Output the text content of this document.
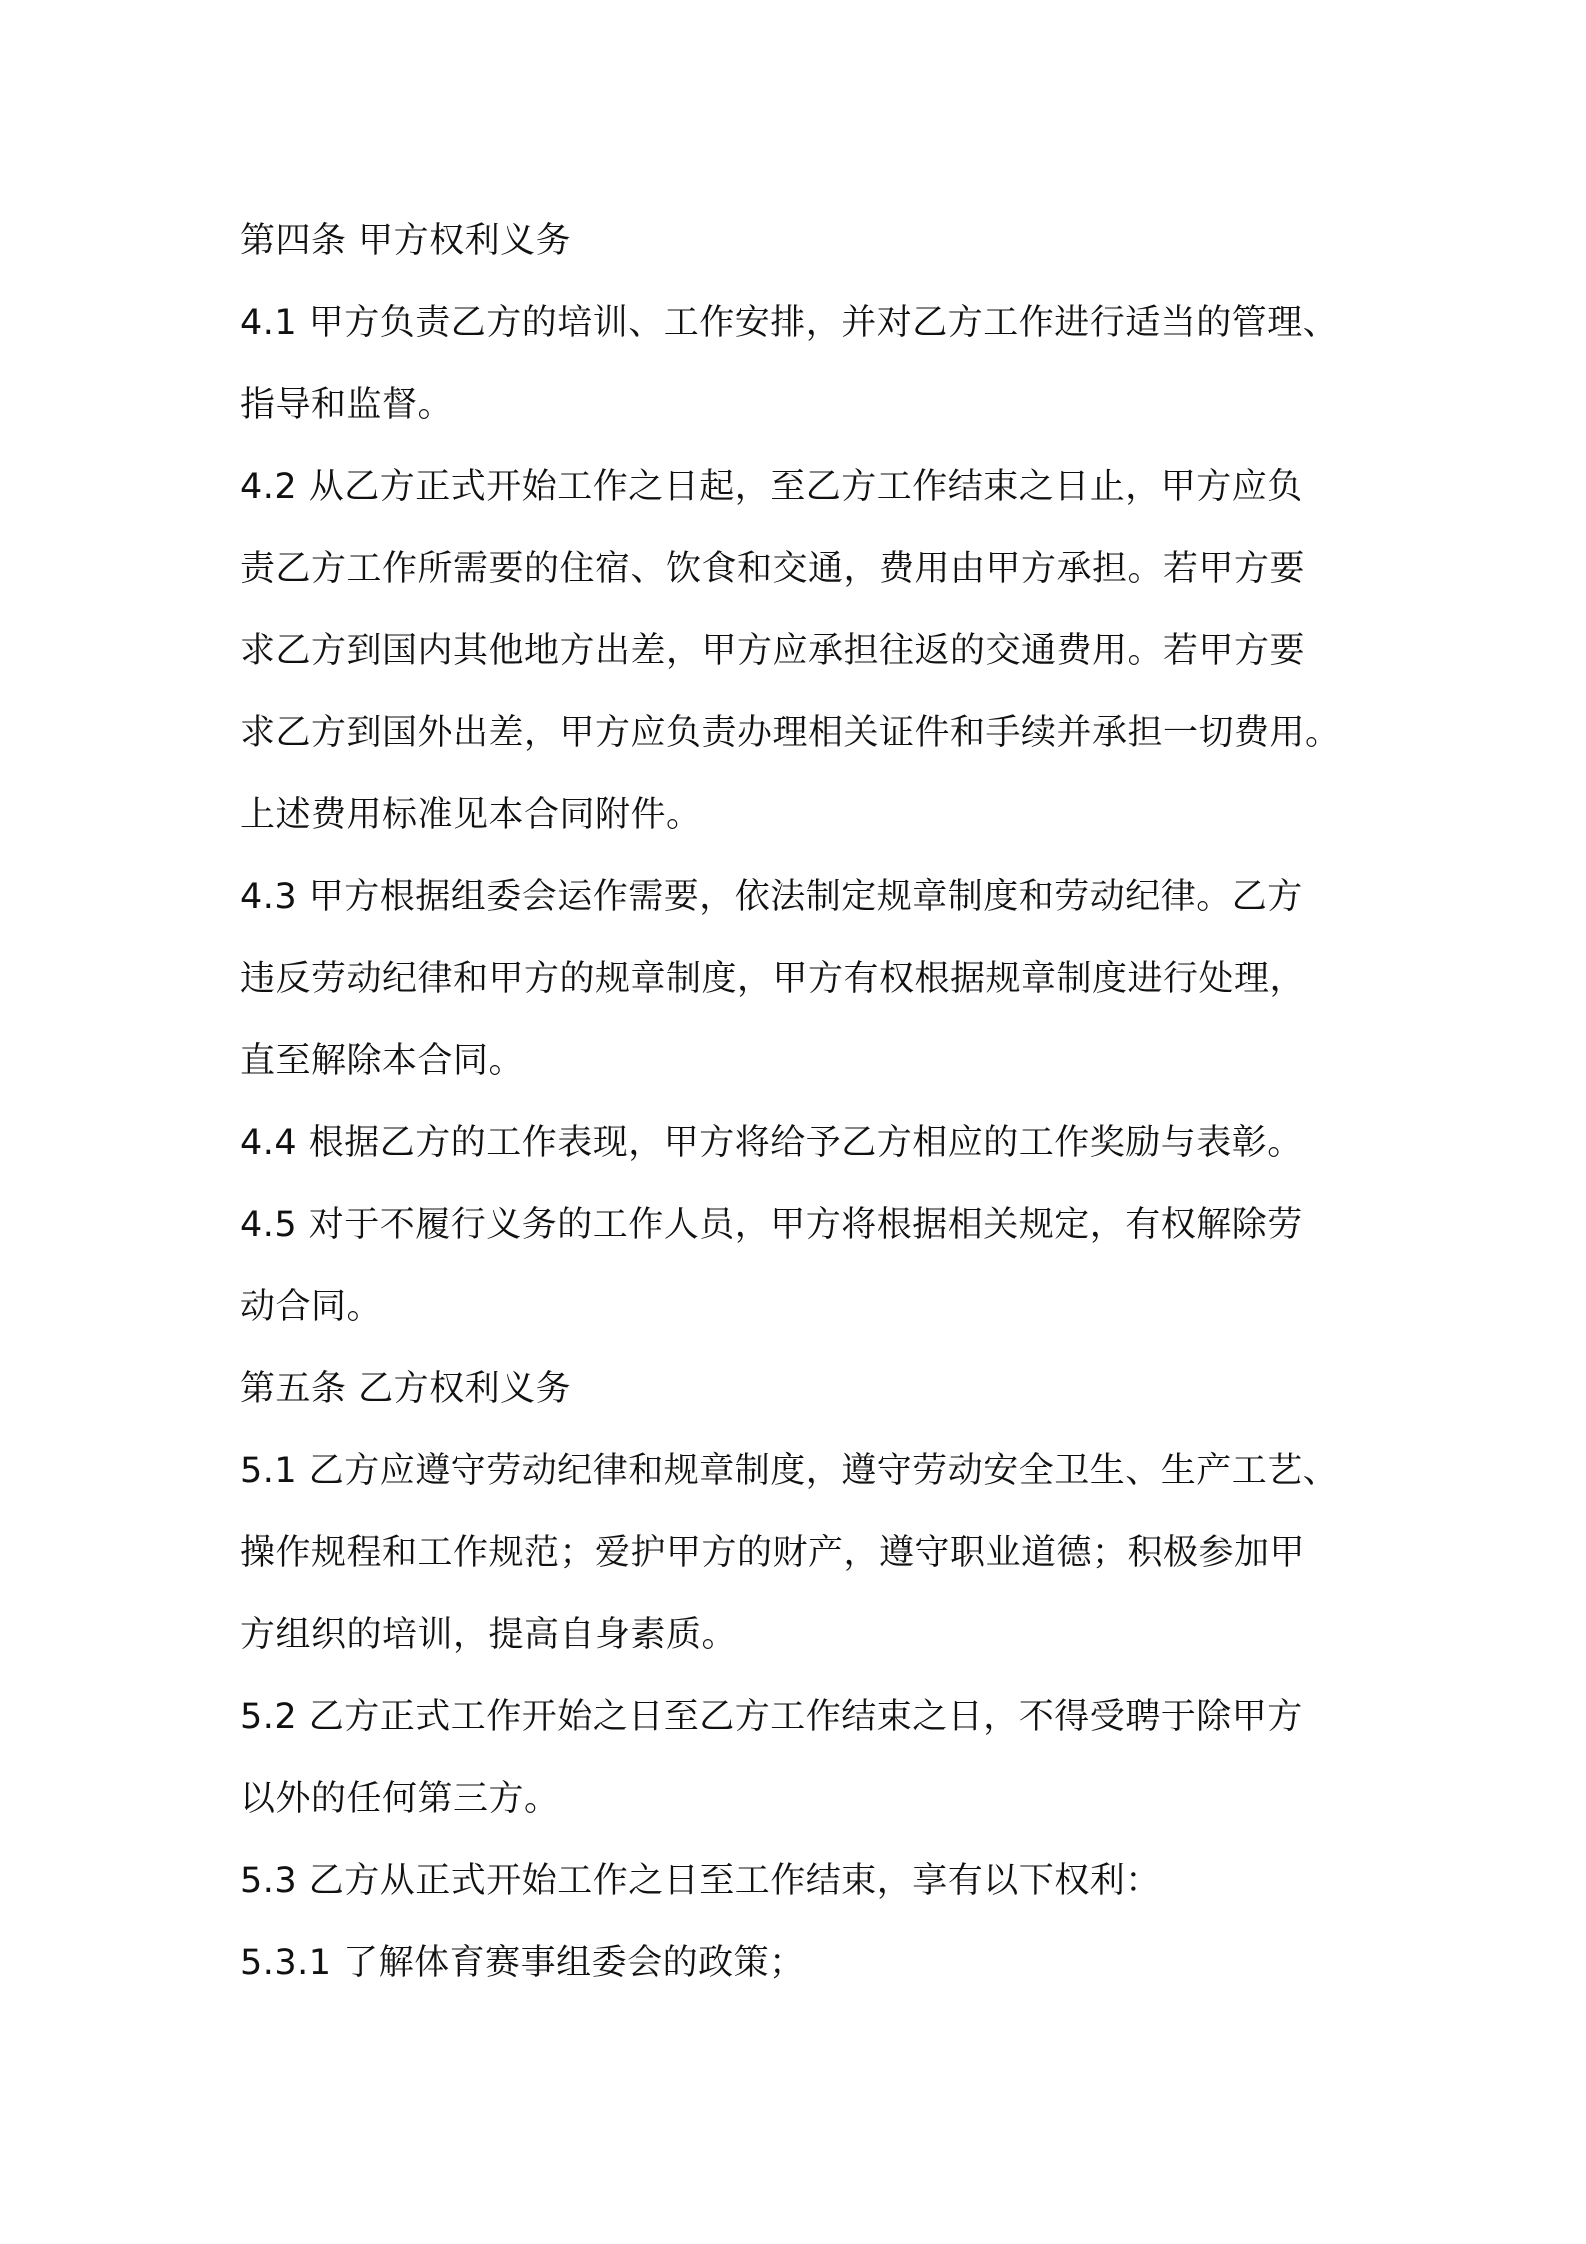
第四条 甲方权利义务
4.1 甲方负责乙方的培训、工作安排，并对乙方工作进行适当的管理、
指导和监督。
4.2 从乙方正式开始工作之日起，至乙方工作结束之日止，甲方应负
责乙方工作所需要的住宿、饮食和交通，费用由甲方承担。若甲方要
求乙方到国内其他地方出差，甲方应承担往返的交通费用。若甲方要
求乙方到国外出差，甲方应负责办理相关证件和手续并承担一切费用。
上述费用标准见本合同附件。
4.3 甲方根据组委会运作需要，依法制定规章制度和劳动纪律。乙方
违反劳动纪律和甲方的规章制度，甲方有权根据规章制度进行处理，
直至解除本合同。
4.4 根据乙方的工作表现，甲方将给予乙方相应的工作奖励与表彰。
4.5 对于不履行义务的工作人员，甲方将根据相关规定，有权解除劳
动合同。
第五条 乙方权利义务
5.1 乙方应遵守劳动纪律和规章制度，遵守劳动安全卫生、生产工艺、
操作规程和工作规范；爱护甲方的财产，遵守职业道德；积极参加甲
方组织的培训，提高自身素质。
5.2 乙方正式工作开始之日至乙方工作结束之日，不得受聘于除甲方
以外的任何第三方。
5.3 乙方从正式开始工作之日至工作结束，享有以下权利：
5.3.1 了解体育赛事组委会的政策；
